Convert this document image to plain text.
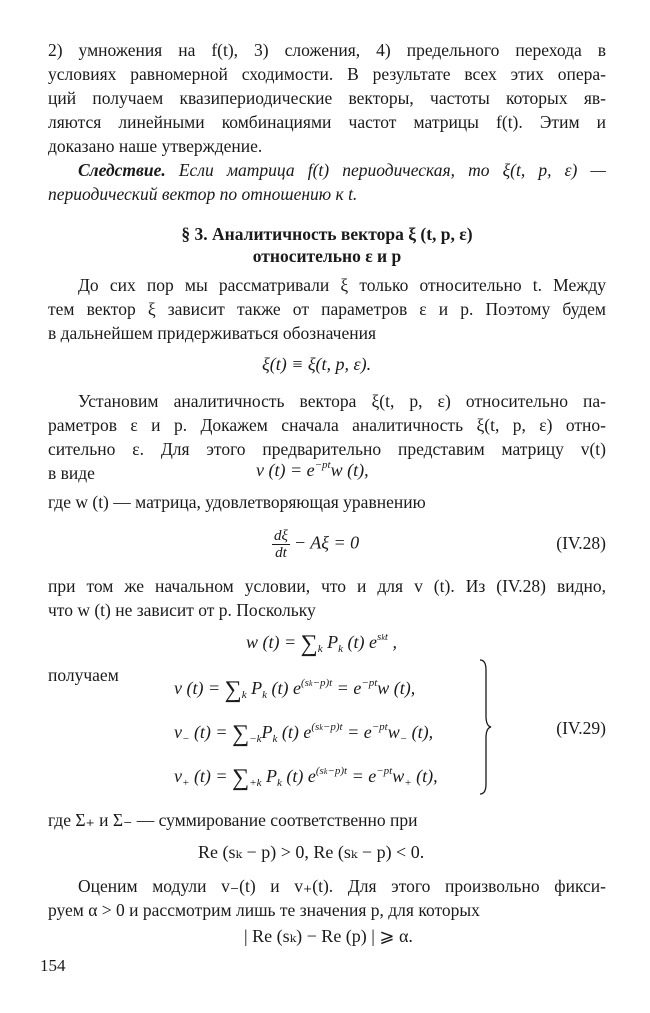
2) умножения на f(t), 3) сложения, 4) предельного перехода в
условиях равномерной сходимости. В результате всех этих опера-
ций получаем квазипериодические векторы, частоты которых яв-
ляются линейными комбинациями частот матрицы f(t). Этим и
доказано наше утверждение.
Следствие. Если матрица f(t) периодическая, то ξ(t, p, ε) —
периодический вектор по отношению к t.
§ 3. Аналитичность вектора ξ (t, p, ε)
относительно ε и p
До сих пор мы рассматривали ξ только относительно t. Между
тем вектор ξ зависит также от параметров ε и p. Поэтому будем
в дальнейшем придерживаться обозначения
ξ(t) ≡ ξ(t, p, ε).
Установим аналитичность вектора ξ(t, p, ε) относительно па-
раметров ε и p. Докажем сначала аналитичность ξ(t, p, ε) отно-
сительно ε. Для этого предварительно представим матрицу v(t)
в виде	v $(t) = e^{-pt}w$ (t),
где w (t) — матрица, удовлетворяющая уравнению
$\frac{d\xi}{dt} - A\xi = 0$	(IV.28)
при том же начальном условии, что и для v (t). Из (IV.28) видно,
что w (t) не зависит от p. Поскольку
w $(t) = \sum_k$ $P_k$ (t) $e^{skt}$ ,
получаем
v $(t) = \sum_k$ $P_k$ (t) $e^{(sk-p)t} = e^{-pt}w$ (t),
$v_-$ $(t) = \sum_{-k}P_k$ (t) $e^{(sk-p)t} = e^{-pt}w_-$ (t),
$v_+$ $(t) = \sum_{+k}$ $P_k$ (t) $e^{(sk-p)t} = e^{-pt}w_+$ (t),
(IV.29)
где Σ₊ и Σ₋ — суммирование соответственно при
Re (sₖ − p) > 0, Re (sₖ − p) < 0.
Оценим модули v₋(t) и v₊(t). Для этого произвольно фикси-
руем α > 0 и рассмотрим лишь те значения p, для которых
| Re (sₖ) − Re (p) | ⩾ α.
154
